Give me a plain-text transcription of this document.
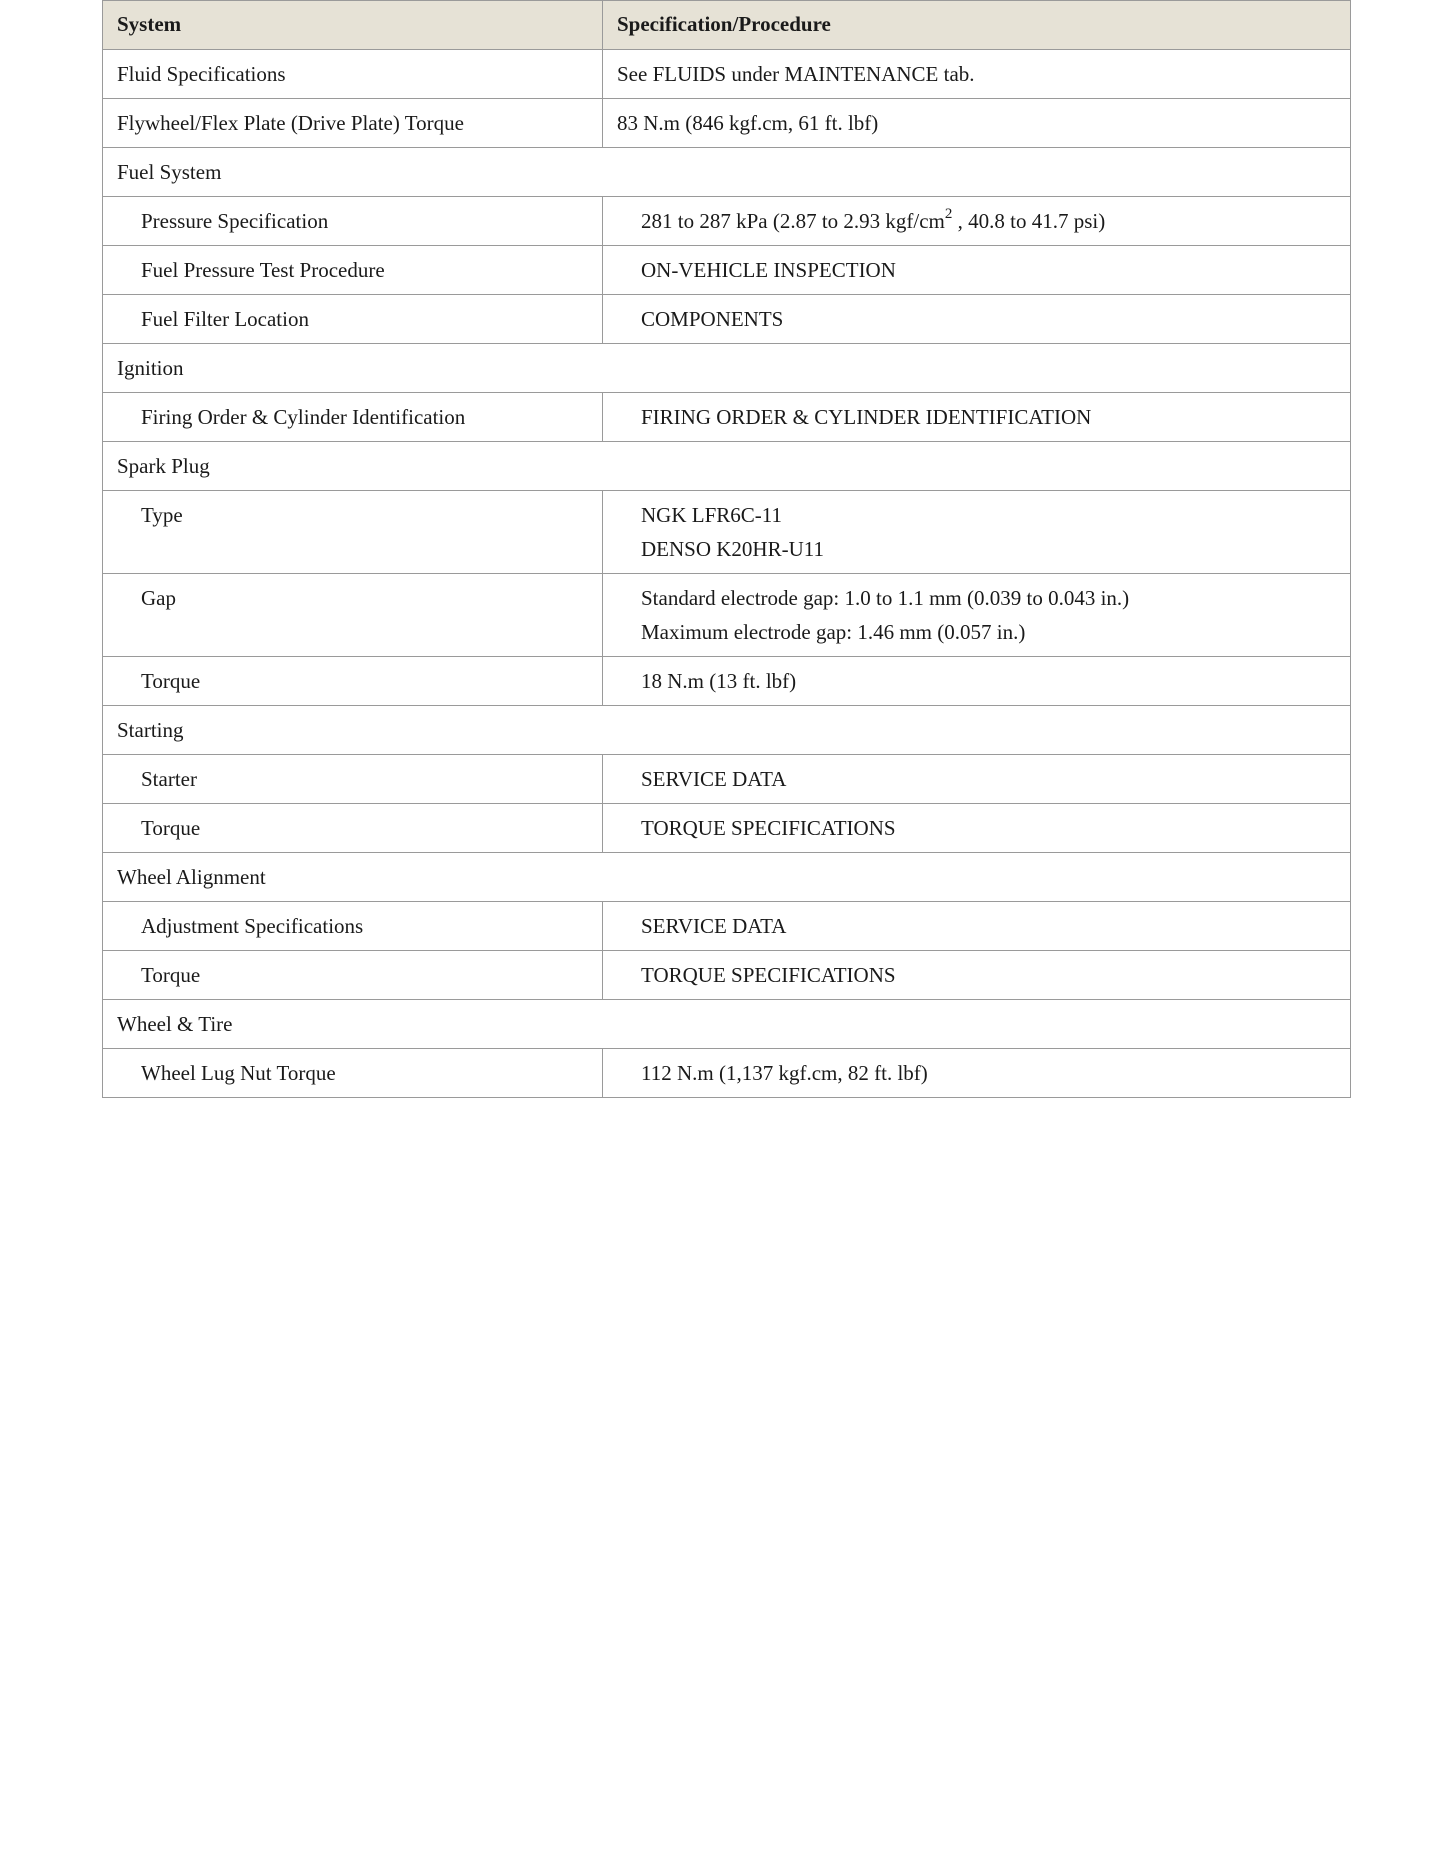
System	Specification/Procedure
Fluid Specifications	See FLUIDS under MAINTENANCE tab.
Flywheel/Flex Plate (Drive Plate) Torque	83 N.m (846 kgf.cm, 61 ft. lbf)
Fuel System	
Pressure Specification	281 to 287 kPa (2.87 to 2.93 kgf/$cm^2$ , 40.8 to 41.7 psi)
Fuel Pressure Test Procedure	ON-VEHICLE INSPECTION
Fuel Filter Location	COMPONENTS
Ignition	
Firing Order & Cylinder Identification	FIRING ORDER & CYLINDER IDENTIFICATION
Spark Plug	
Type	NGK LFR6C-11
DENSO K20HR-U11

Gap	Standard electrode gap: 1.0 to 1.1 mm (0.039 to 0.043 in.)
Maximum electrode gap: 1.46 mm (0.057 in.)

Torque	18 N.m (13 ft. lbf)
Starting	
Starter	SERVICE DATA
Torque	TORQUE SPECIFICATIONS
Wheel Alignment	
Adjustment Specifications	SERVICE DATA
Torque	TORQUE SPECIFICATIONS
Wheel & Tire	
Wheel Lug Nut Torque	112 N.m (1,137 kgf.cm, 82 ft. lbf)
